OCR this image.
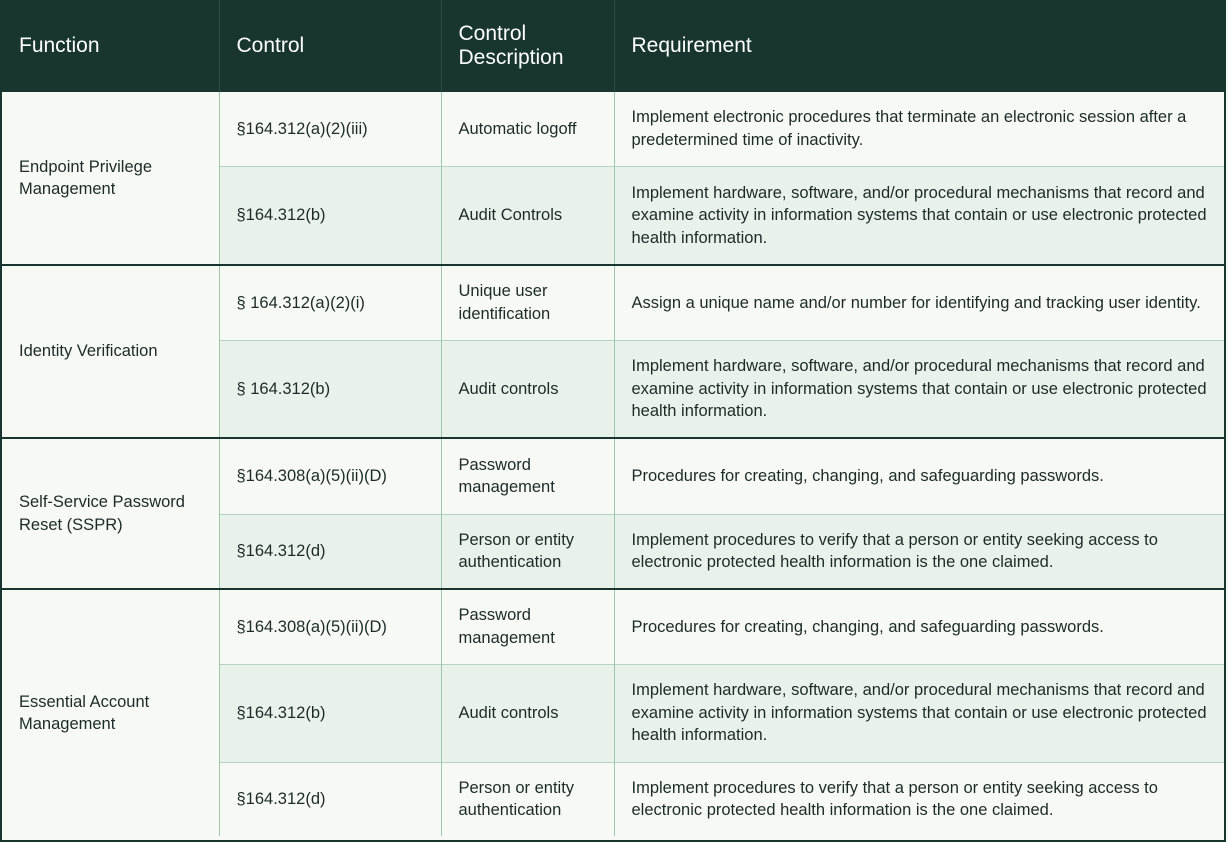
Function	Control	Control Description	Requirement
Endpoint Privilege Management	§164.312(a)(2)(iii)	Automatic logoff	Implement electronic procedures that terminate an electronic session after a predetermined time of inactivity.
	§164.312(b)	Audit Controls	Implement hardware, software, and/or procedural mechanisms that record and examine activity in information systems that contain or use electronic protected health information.
Identity Verification	§ 164.312(a)(2)(i)	Unique user identification	Assign a unique name and/or number for identifying and tracking user identity.
	§ 164.312(b)	Audit controls	Implement hardware, software, and/or procedural mechanisms that record and examine activity in information systems that contain or use electronic protected health information.
Self-Service Password Reset (SSPR)	§164.308(a)(5)(ii)(D)	Password management	Procedures for creating, changing, and safeguarding passwords.
	§164.312(d)	Person or entity authentication	Implement procedures to verify that a person or entity seeking access to electronic protected health information is the one claimed.
Essential Account Management	§164.308(a)(5)(ii)(D)	Password management	Procedures for creating, changing, and safeguarding passwords.
	§164.312(b)	Audit controls	Implement hardware, software, and/or procedural mechanisms that record and examine activity in information systems that contain or use electronic protected health information.
	§164.312(d)	Person or entity authentication	Implement procedures to verify that a person or entity seeking access to electronic protected health information is the one claimed.
